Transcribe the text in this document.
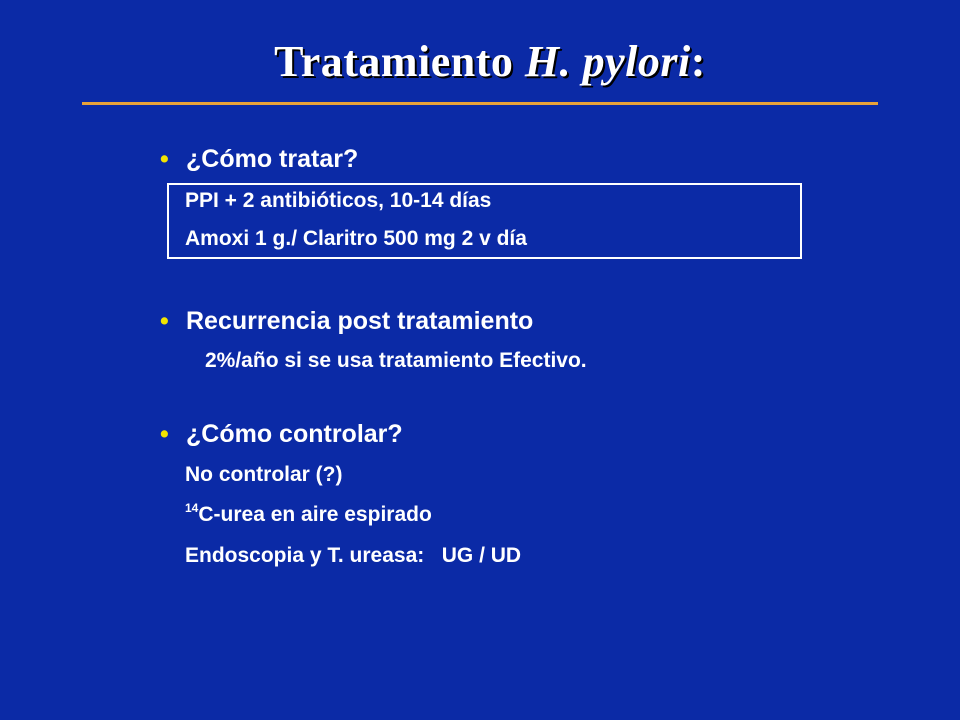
Tratamiento H. pylori:
• ¿Cómo tratar?
PPI + 2 antibióticos, 10-14 días
Amoxi 1 g./ Claritro 500 mg 2 v día
• Recurrencia post tratamiento
2%/año si se usa tratamiento Efectivo.
• ¿Cómo controlar?
No controlar (?)
$^{14}$C-urea en aire espirado
Endoscopia y T. ureasa:   UG / UD
